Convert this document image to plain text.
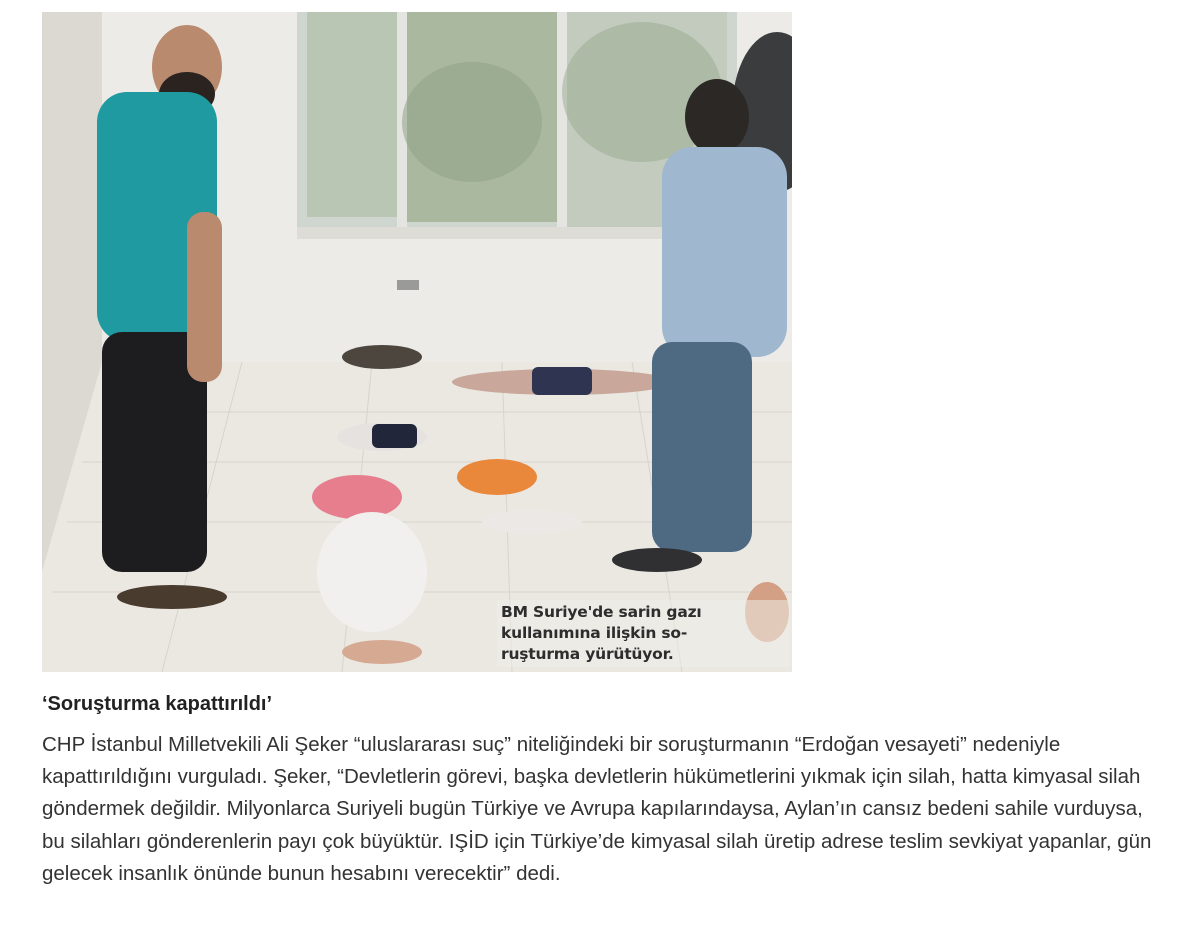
BM Suriye'de sarin gazı
kullanımına ilişkin so-
ruşturma yürütüyor.
‘Soruşturma kapattırıldı’

CHP İstanbul Milletvekili Ali Şeker “uluslararası suç” niteliğindeki bir soruşturmanın “Erdoğan vesayeti” nedeniyle kapattırıldığını vurguladı. Şeker, “Devletlerin görevi, başka devletlerin hükümetlerini yıkmak için silah, hatta kimyasal silah göndermek değildir. Milyonlarca Suriyeli bugün Türkiye ve Avrupa kapılarındaysa, Aylan’ın cansız bedeni sahile vurduysa, bu silahları gönderenlerin payı çok büyüktür. IŞİD için Türkiye’de kimyasal silah üretip adrese teslim sevkiyat yapanlar, gün gelecek insanlık önünde bunun hesabını verecektir” dedi.
